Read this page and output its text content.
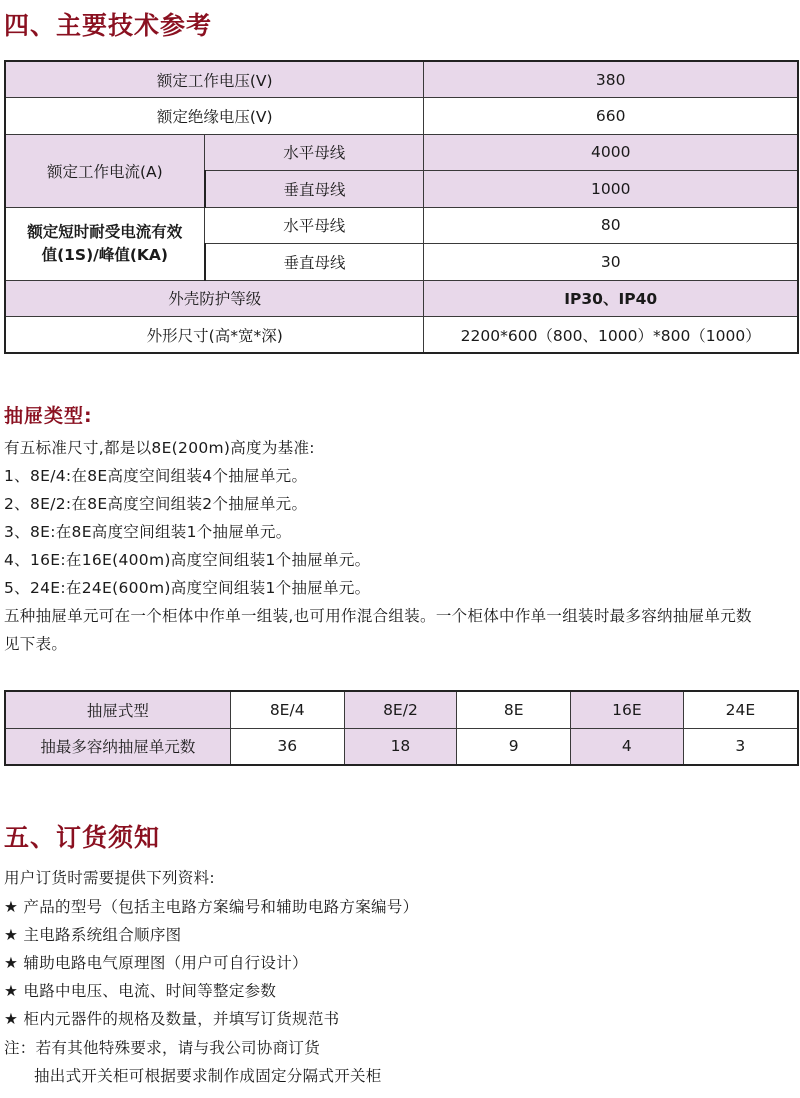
四、主要技术参考
额定工作电压(V)		380
额定绝缘电压(V)		660
额定工作电流(A)	水平母线	4000
	垂直母线	1000
额定短时耐受电流有效值(1S)/峰值(KA)	水平母线	80
	垂直母线	30
外壳防护等级		IP30、IP40
外形尺寸(高*宽*深)		2200*600（800、1000）*800（1000）
抽屉类型:
有五标准尺寸,都是以8E(200m)高度为基准:
1、8E/4:在8E高度空间组装4个抽屉单元。
2、8E/2:在8E高度空间组装2个抽屉单元。
3、8E:在8E高度空间组装1个抽屉单元。
4、16E:在16E(400m)高度空间组装1个抽屉单元。
5、24E:在24E(600m)高度空间组装1个抽屉单元。
五种抽屉单元可在一个柜体中作单一组装,也可用作混合组装。一个柜体中作单一组装时最多容纳抽屉单元数
见下表。
抽屉式型	8E/4	8E/2	8E	16E	24E
抽最多容纳抽屉单元数	36	18	9	4	3
五、订货须知
用户订货时需要提供下列资料:
★ 产品的型号（包括主电路方案编号和辅助电路方案编号）
★ 主电路系统组合顺序图
★ 辅助电路电气原理图（用户可自行设计）
★ 电路中电压、电流、时间等整定参数
★ 柜内元器件的规格及数量，并填写订货规范书
注：若有其他特殊要求，请与我公司协商订货
抽出式开关柜可根据要求制作成固定分隔式开关柜
